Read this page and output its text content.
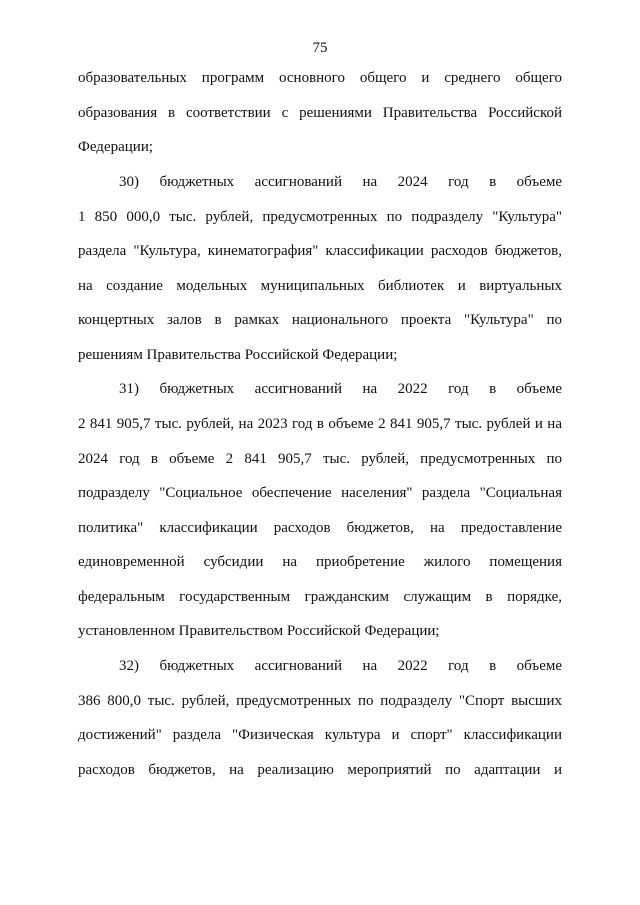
75
образовательных программ основного общего и среднего общего
образования в соответствии с решениями Правительства Российской
Федерации;
30) бюджетных ассигнований на 2024 год в объеме
1 850 000,0 тыс. рублей, предусмотренных по подразделу "Культура"
раздела "Культура, кинематография" классификации расходов бюджетов,
на создание модельных муниципальных библиотек и виртуальных
концертных залов в рамках национального проекта "Культура" по
решениям Правительства Российской Федерации;
31) бюджетных ассигнований на 2022 год в объеме
2 841 905,7 тыс. рублей, на 2023 год в объеме 2 841 905,7 тыс. рублей и на
2024 год в объеме 2 841 905,7 тыс. рублей, предусмотренных по
подразделу "Социальное обеспечение населения" раздела "Социальная
политика" классификации расходов бюджетов, на предоставление
единовременной субсидии на приобретение жилого помещения
федеральным государственным гражданским служащим в порядке,
установленном Правительством Российской Федерации;
32) бюджетных ассигнований на 2022 год в объеме
386 800,0 тыс. рублей, предусмотренных по подразделу "Спорт высших
достижений" раздела "Физическая культура и спорт" классификации
расходов бюджетов, на реализацию мероприятий по адаптации и
